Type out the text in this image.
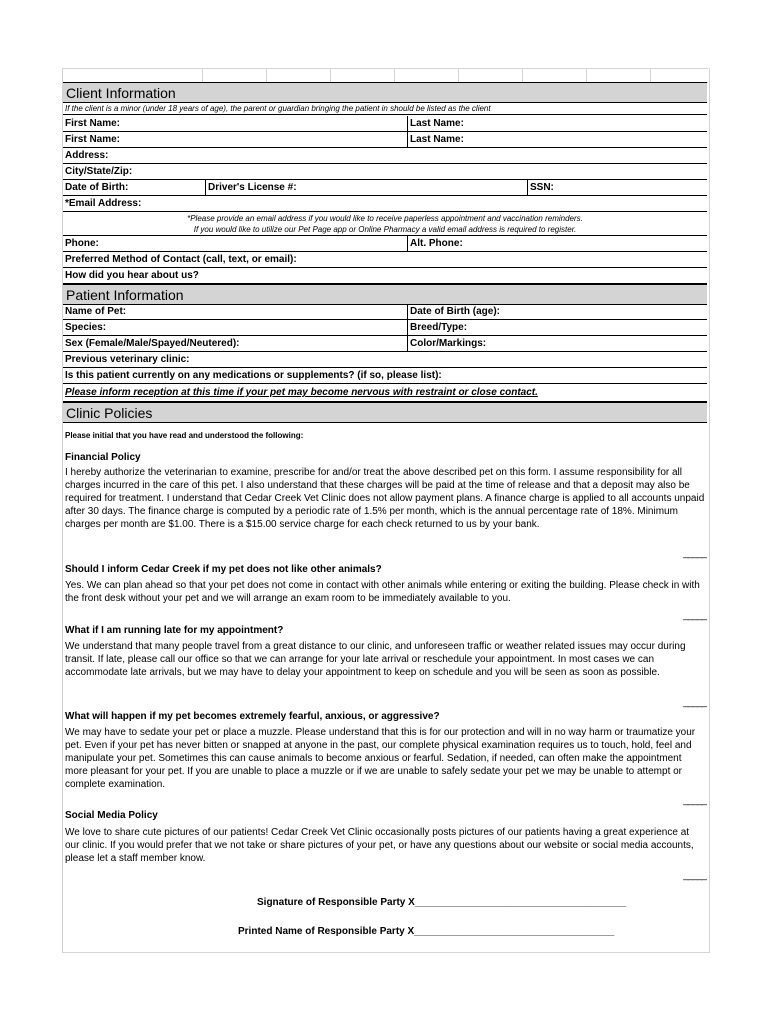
Client Information
If the client is a minor (under 18 years of age), the parent or guardian bringing the patient in should be listed as the client
First Name:	Last Name:
First Name:	Last Name:
Address:
City/State/Zip:
Date of Birth:	Driver's License #:	SSN:
*Email Address:
*Please provide an email address if you would like to receive paperless appointment and vaccination reminders.
If you would like to utilize our Pet Page app or Online Pharmacy a valid email address is required to register.
Phone:	Alt. Phone:
Preferred Method of Contact (call, text, or email):
How did you hear about us?
Patient Information
Name of Pet:	Date of Birth (age):
Species:	Breed/Type:
Sex (Female/Male/Spayed/Neutered):	Color/Markings:
Previous veterinary clinic:
Is this patient currently on any medications or supplements? (if so, please list):
Please inform reception at this time if your pet may become nervous with restraint or close contact.
Clinic Policies
Please initial that you have read and understood the following:
Financial Policy
I hereby authorize the veterinarian to examine, prescribe for and/or treat the above described pet on this form. I assume responsibility for all charges incurred in the care of this pet. I also understand that these charges will be paid at the time of release and that a deposit may also be required for treatment. I understand that Cedar Creek Vet Clinic does not allow payment plans. A finance charge is applied to all accounts unpaid after 30 days. The finance charge is computed by a periodic rate of 1.5% per month, which is the annual percentage rate of 18%. Minimum charges per month are $1.00. There is a $15.00 service charge for each check returned to us by your bank.
_____
Should I inform Cedar Creek if my pet does not like other animals?
Yes. We can plan ahead so that your pet does not come in contact with other animals while entering or exiting the building. Please check in with the front desk without your pet and we will arrange an exam room to be immediately available to you.
_____
What if I am running late for my appointment?
We understand that many people travel from a great distance to our clinic, and unforeseen traffic or weather related issues may occur during transit. If late, please call our office so that we can arrange for your late arrival or reschedule your appointment. In most cases we can accommodate late arrivals, but we may have to delay your appointment to keep on schedule and you will be seen as soon as possible.
_____
What will happen if my pet becomes extremely fearful, anxious, or aggressive?
We may have to sedate your pet or place a muzzle. Please understand that this is for our protection and will in no way harm or traumatize your pet. Even if your pet has never bitten or snapped at anyone in the past, our complete physical examination requires us to touch, hold, feel and manipulate your pet. Sometimes this can cause animals to become anxious or fearful. Sedation, if needed, can often make the appointment more pleasant for your pet. If you are unable to place a muzzle or if we are unable to safely sedate your pet we may be unable to attempt or complete examination.
_____
Social Media Policy
We love to share cute pictures of our patients! Cedar Creek Vet Clinic occasionally posts pictures of our patients having a great experience at our clinic. If you would prefer that we not take or share pictures of your pet, or have any questions about our website or social media accounts, please let a staff member know.
_____
Signature of Responsible Party X______________________________________
Printed Name of Responsible Party X____________________________________
